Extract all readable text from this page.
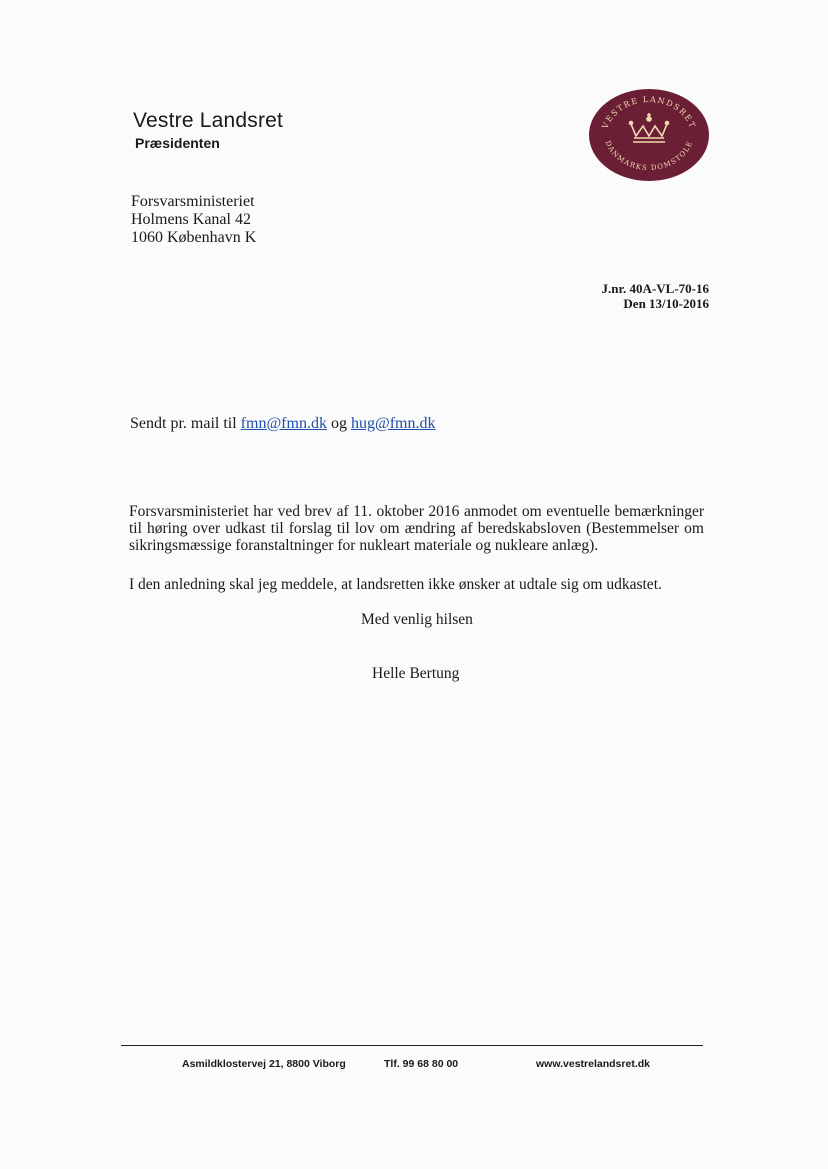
Vestre Landsret
Præsidenten
VESTRE LANDSRET
DANMARKS DOMSTOLE
Forsvarsministeriet
Holmens Kanal 42
1060 København K
J.nr. 40A-VL-70-16
Den 13/10-2016
Sendt pr. mail til fmn@fmn.dk og hug@fmn.dk
Forsvarsministeriet har ved brev af 11. oktober 2016 anmodet om eventuelle bemærkninger til høring over udkast til forslag til lov om ændring af beredskabsloven (Bestemmelser om sikringsmæssige foranstaltninger for nukleart materiale og nukleare anlæg).
I den anledning skal jeg meddele, at landsretten ikke ønsker at udtale sig om udkastet.
Med venlig hilsen
Helle Bertung
Asmildklostervej 21, 8800 Viborg	Tlf. 99 68 80 00	www.vestrelandsret.dk
